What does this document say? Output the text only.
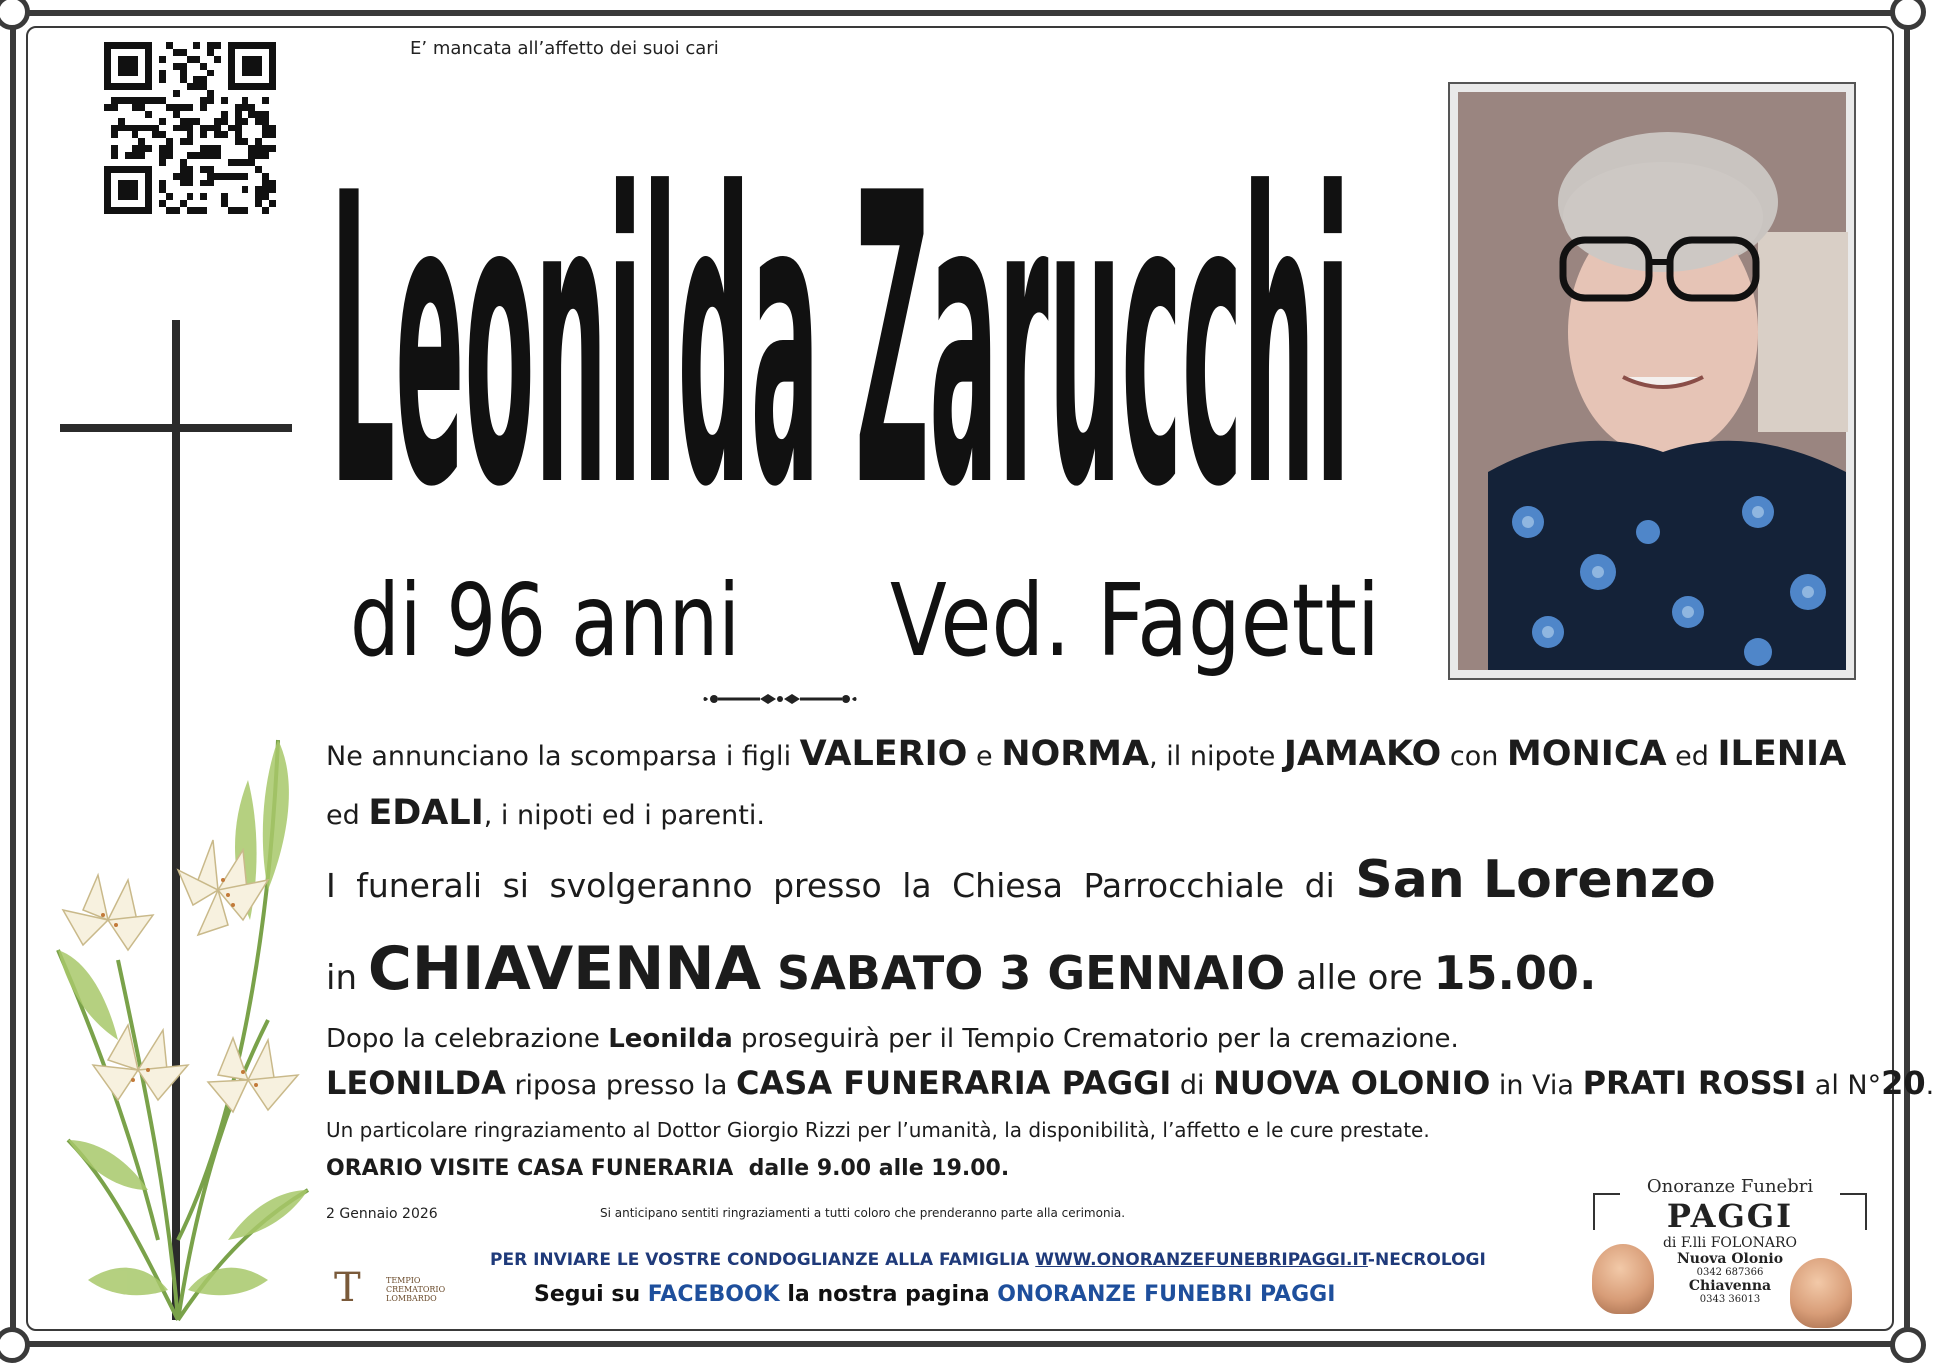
E’ mancata all’affetto dei suoi cari
Leonilda Zarucchi
di 96 anni	Ved. Fagetti
Ne annunciano la scomparsa i figli VALERIO e NORMA, il nipote JAMAKO con MONICA ed ILENIA
ed EDALI, i nipoti ed i parenti.
I funerali si svolgeranno presso la Chiesa Parrocchiale di San Lorenzo
in CHIAVENNA SABATO 3 GENNAIO alle ore 15.00.
Dopo la celebrazione Leonilda proseguirà per il Tempio Crematorio per la cremazione.
LEONILDA riposa presso la CASA FUNERARIA PAGGI di NUOVA OLONIO in Via PRATI ROSSI al N°20.
Un particolare ringraziamento al Dottor Giorgio Rizzi per l’umanità, la disponibilità, l’affetto e le cure prestate.
ORARIO VISITE CASA FUNERARIA  dalle 9.00 alle 19.00.
2 Gennaio 2026	Si anticipano sentiti ringraziamenti a tutti coloro che prenderanno parte alla cerimonia.
T	TEMPIO CREMATORIO LOMBARDO
PER INVIARE LE VOSTRE CONDOGLIANZE ALLA FAMIGLIA WWW.ONORANZEFUNEBRIPAGGI.IT-NECROLOGI
Segui su FACEBOOK la nostra pagina ONORANZE FUNEBRI PAGGI
Onoranze Funebri
PAGGI
di F.lli FOLONARO
Nuova Olonio
0342 687366
Chiavenna
0343 36013
